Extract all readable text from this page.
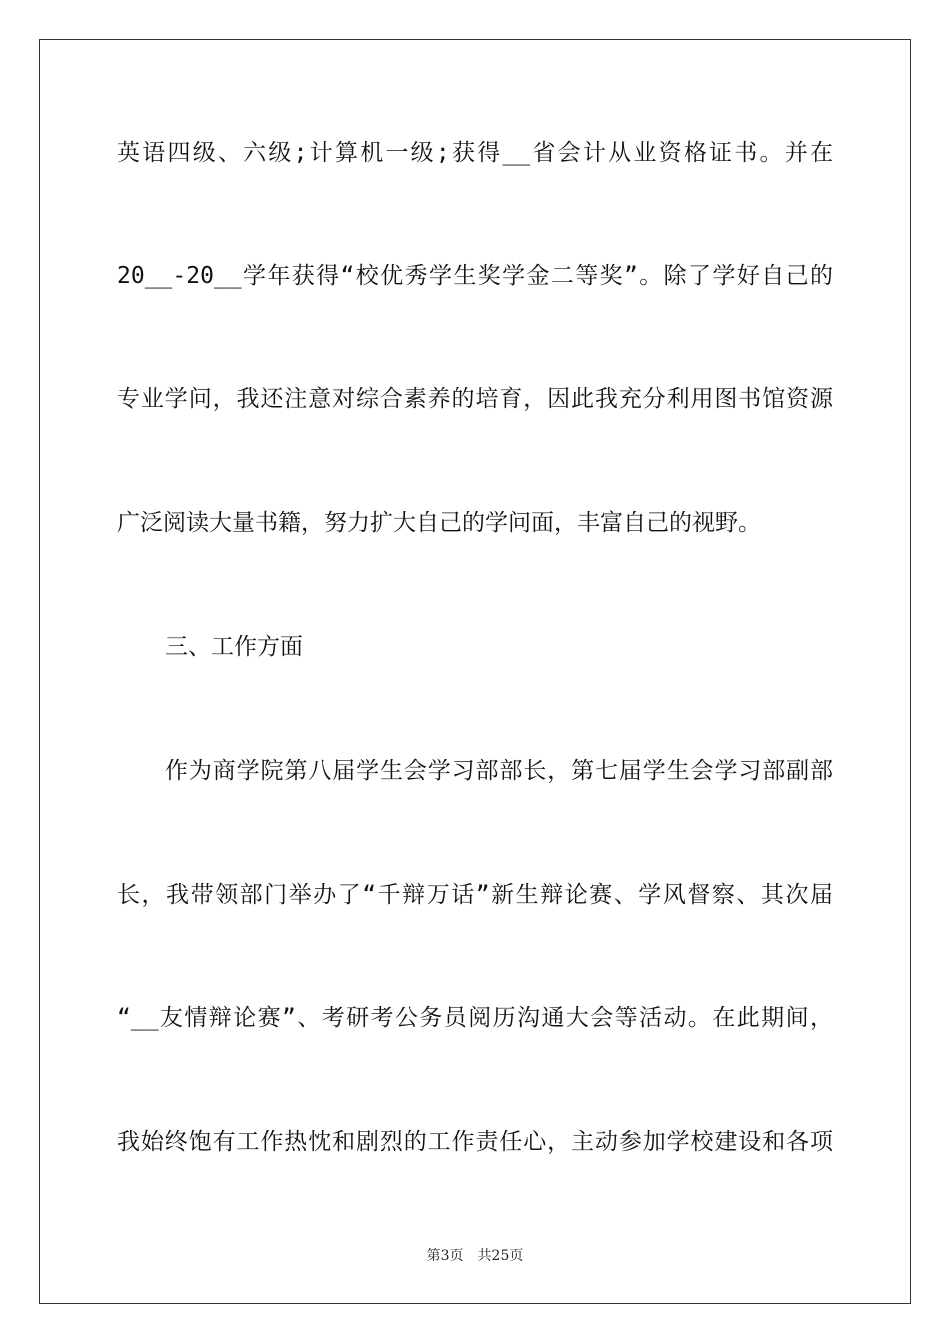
英语四级、六级;计算机一级;获得__省会计从业资格证书。并在
20__-20__学年获得“校优秀学生奖学金二等奖”。除了学好自己的
专业学问，我还注意对综合素养的培育，因此我充分利用图书馆资源
广泛阅读大量书籍，努力扩大自己的学问面，丰富自己的视野。
三、工作方面
作为商学院第八届学生会学习部部长，第七届学生会学习部副部
长，我带领部门举办了“千辩万话”新生辩论赛、学风督察、其次届
“__友情辩论赛”、考研考公务员阅历沟通大会等活动。在此期间，
我始终饱有工作热忱和剧烈的工作责任心，主动参加学校建设和各项
第3页 共25页
